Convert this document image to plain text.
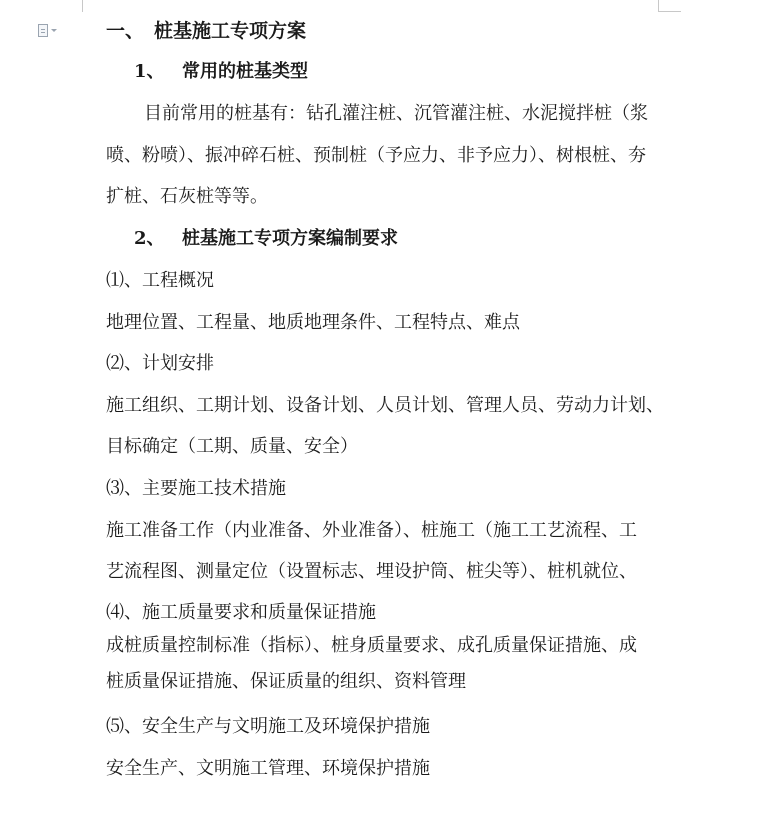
一、 桩基施工专项方案
1、 常用的桩基类型
目前常用的桩基有：钻孔灌注桩、沉管灌注桩、水泥搅拌桩（浆
喷、粉喷）、振冲碎石桩、预制桩（予应力、非予应力）、树根桩、夯
扩桩、石灰桩等等。
2、 桩基施工专项方案编制要求
⑴、工程概况
地理位置、工程量、地质地理条件、工程特点、难点
⑵、计划安排
施工组织、工期计划、设备计划、人员计划、管理人员、劳动力计划、
目标确定（工期、质量、安全）
⑶、主要施工技术措施
施工准备工作（内业准备、外业准备）、桩施工（施工工艺流程、工
艺流程图、测量定位（设置标志、埋设护筒、桩尖等）、桩机就位、
⑷、施工质量要求和质量保证措施
成桩质量控制标准（指标）、桩身质量要求、成孔质量保证措施、成
桩质量保证措施、保证质量的组织、资料管理
⑸、安全生产与文明施工及环境保护措施
安全生产、文明施工管理、环境保护措施
